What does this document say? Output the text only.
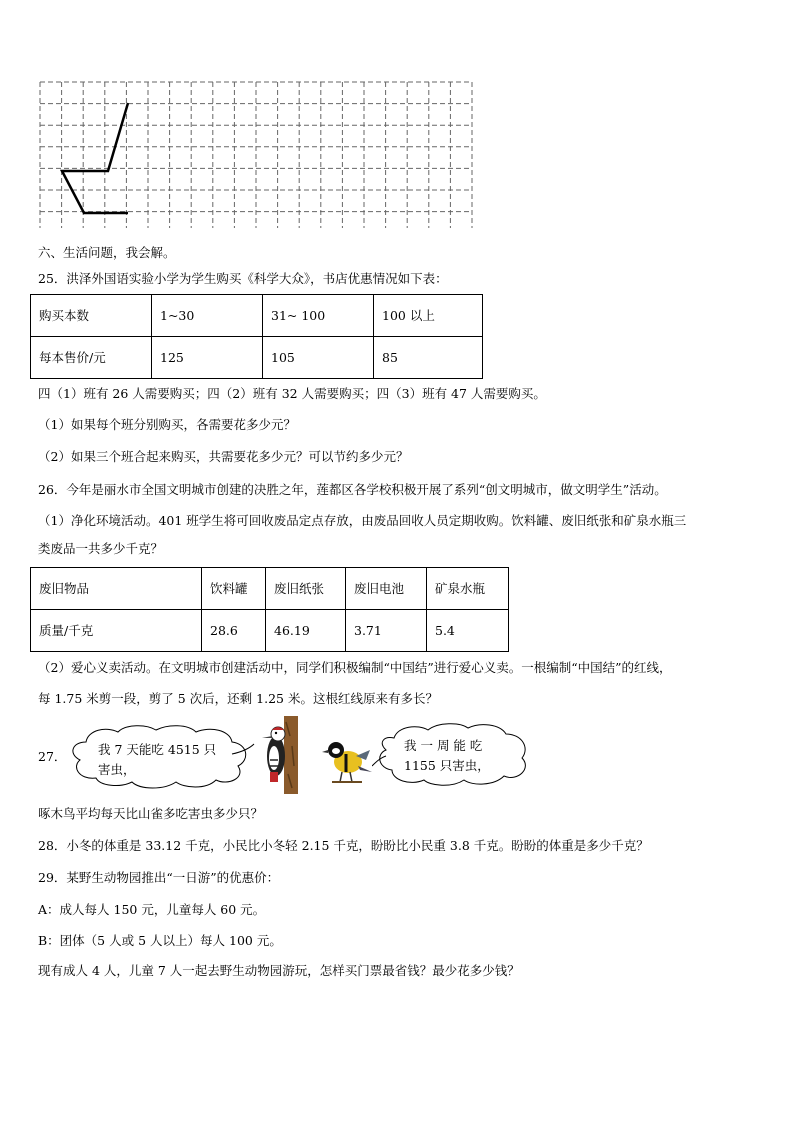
六、生活问题，我会解。
25．洪泽外国语实验小学为学生购买《科学大众》，书店优惠情况如下表：
购买本数	1~30	31~ 100	100 以上
每本售价/元	125	105	85
四（1）班有 26 人需要购买；四（2）班有 32 人需要购买；四（3）班有 47 人需要购买。
（1）如果每个班分别购买，各需要花多少元？
（2）如果三个班合起来购买，共需要花多少元？可以节约多少元？
26．今年是丽水市全国文明城市创建的决胜之年，莲都区各学校积极开展了系列“创文明城市，做文明学生”活动。
（1）净化环境活动。401 班学生将可回收废品定点存放，由废品回收人员定期收购。饮料罐、废旧纸张和矿泉水瓶三
类废品一共多少千克？
废旧物品	饮料罐	废旧纸张	废旧电池	矿泉水瓶
质量/千克	28.6	46.19	3.71	5.4
（2）爱心义卖活动。在文明城市创建活动中，同学们积极编制“中国结”进行爱心义卖。一根编制“中国结”的红线，
每 1.75 米剪一段，剪了 5 次后，还剩 1.25 米。这根红线原来有多长？
27．	我 7 天能吃 4515 只
害虫，
我 一 周 能 吃
1155 只害虫，
啄木鸟平均每天比山雀多吃害虫多少只？
28．小冬的体重是 33.12 千克，小民比小冬轻 2.15 千克，盼盼比小民重 3.8 千克。盼盼的体重是多少千克？
29．某野生动物园推出“一日游”的优惠价：
A：成人每人 150 元，儿童每人 60 元。
B：团体（5 人或 5 人以上）每人 100 元。
现有成人 4 人，儿童 7 人一起去野生动物园游玩，怎样买门票最省钱？最少花多少钱？
